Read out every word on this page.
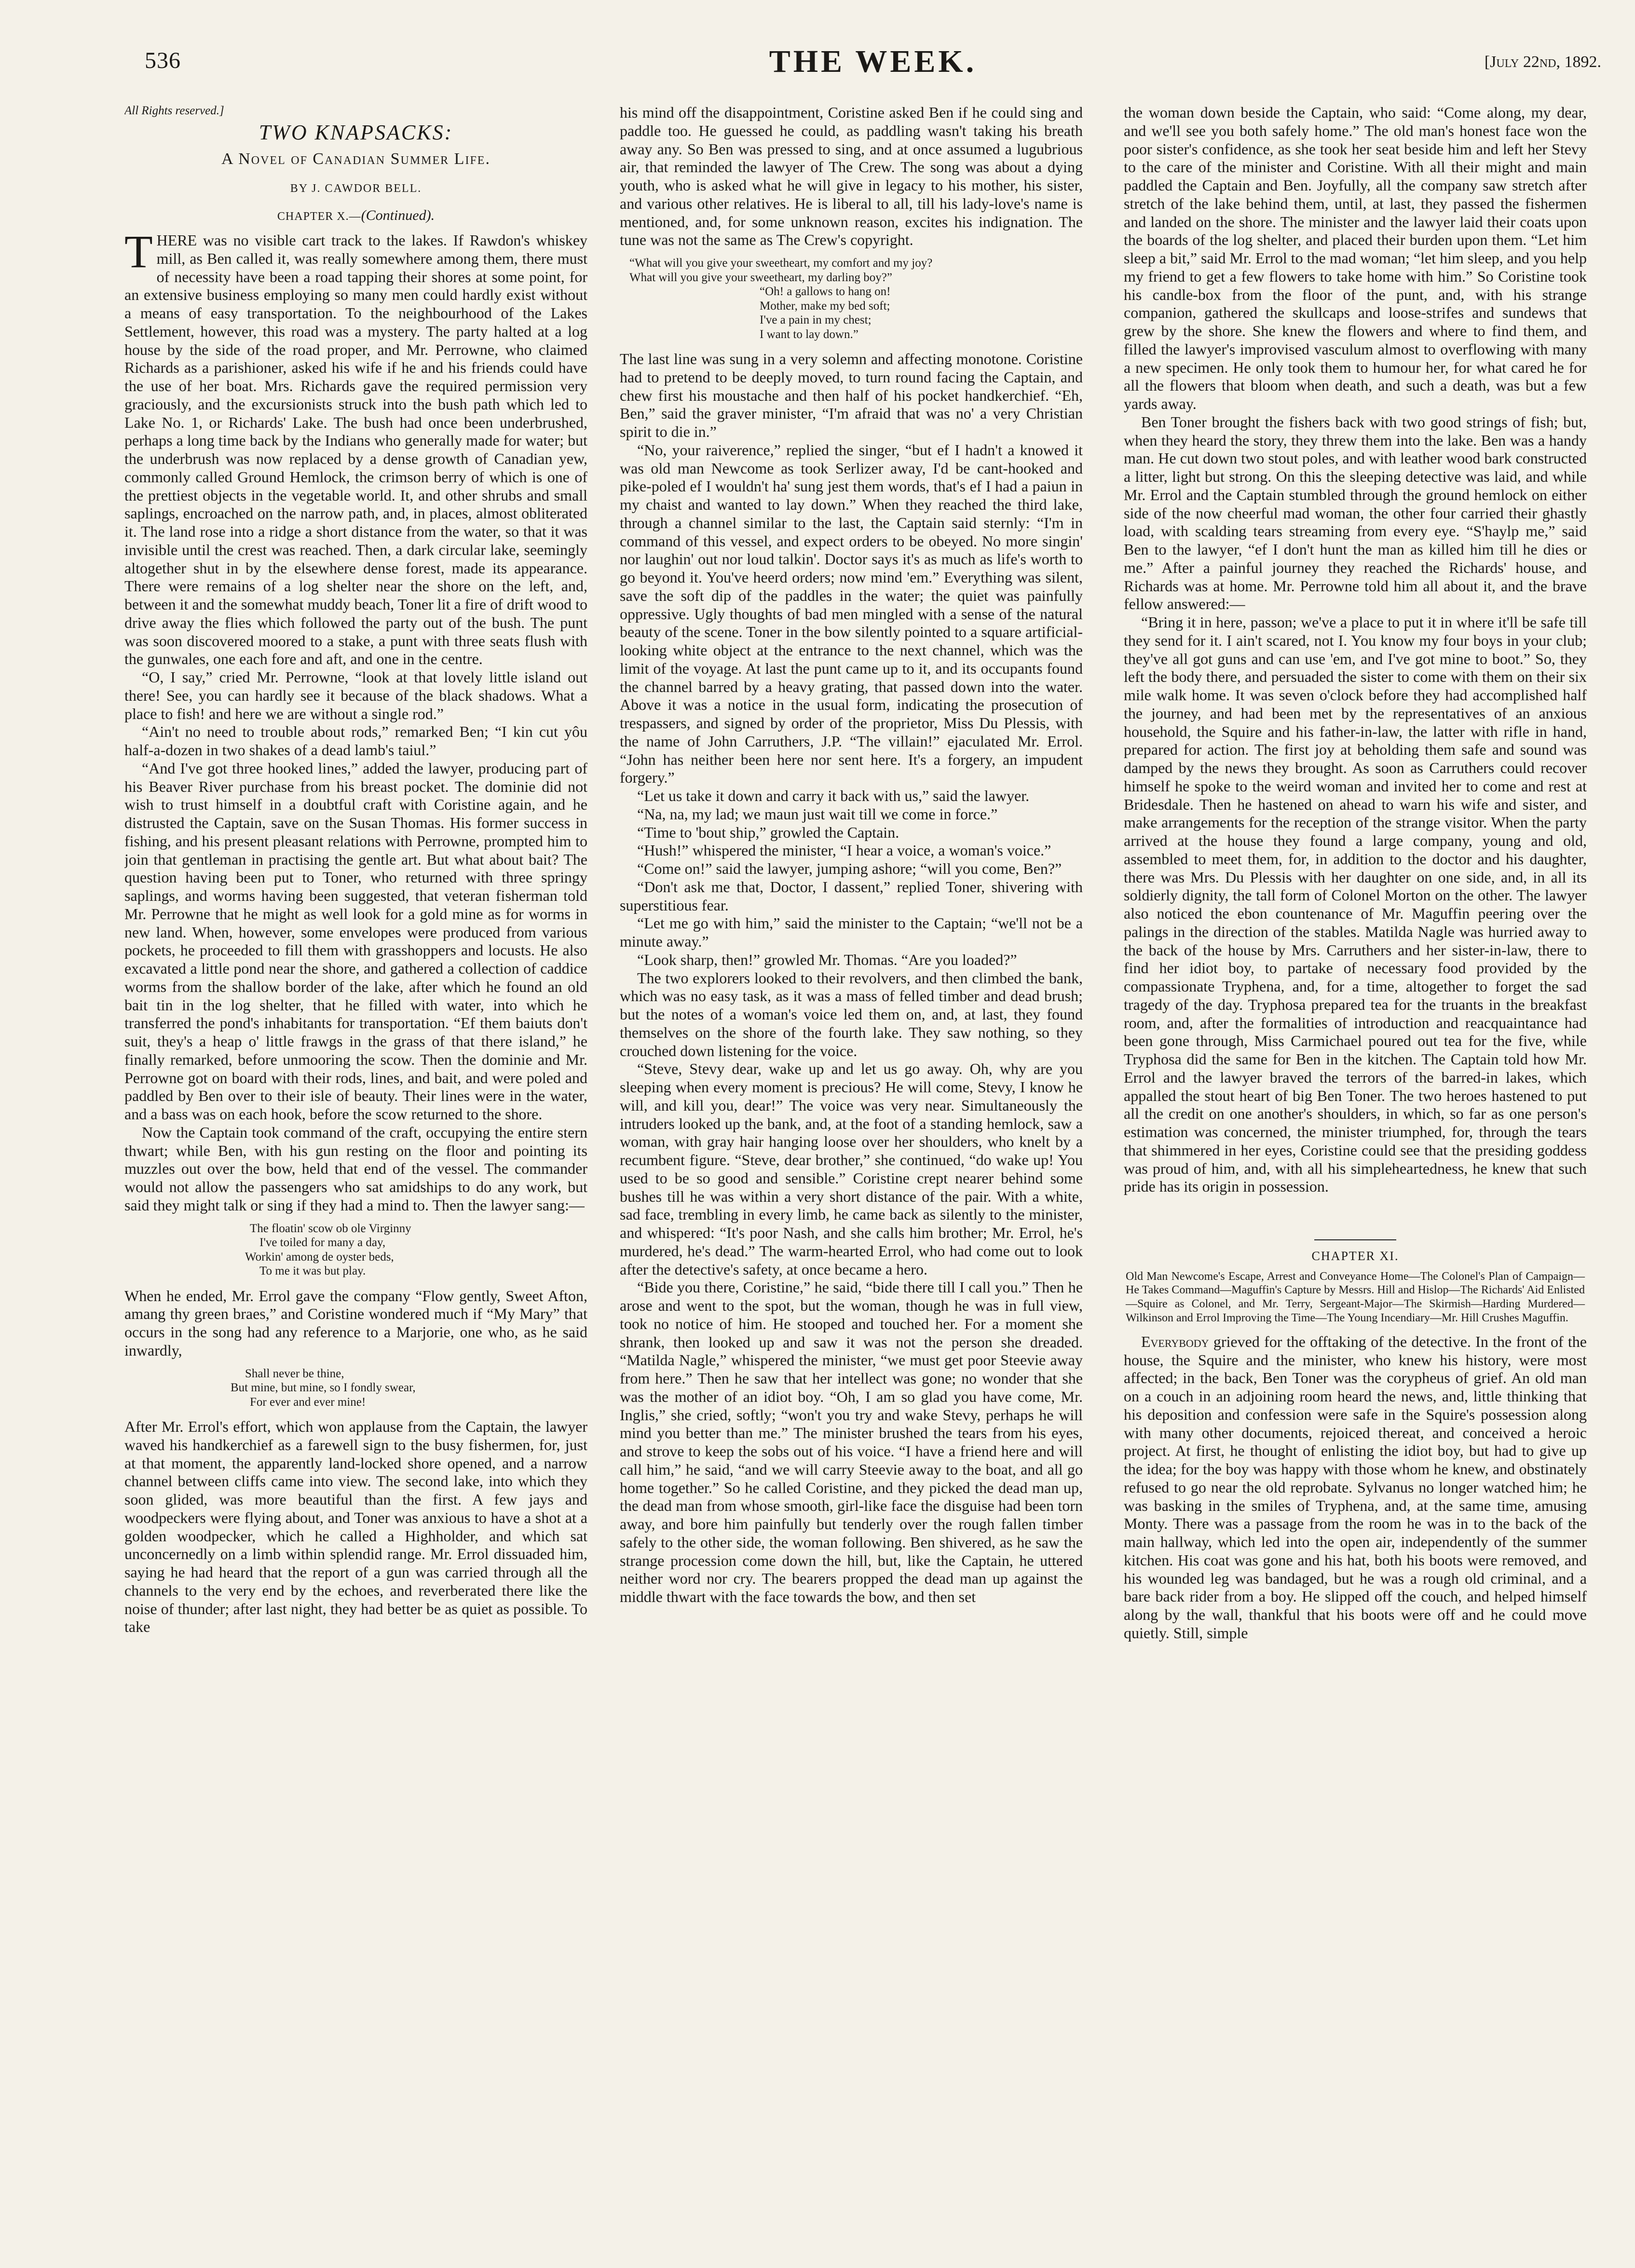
536	THE WEEK.	[July 22nd, 1892.

All Rights reserved.]

TWO KNAPSACKS:
A Novel of Canadian Summer Life.
BY J. CAWDOR BELL.
CHAPTER X.—(Continued).

THERE was no visible cart track to the lakes. If Rawdon's whiskey mill, as Ben called it, was really somewhere among them, there must of necessity have been a road tapping their shores at some point, for an extensive business employing so many men could hardly exist without a means of easy transportation. To the neighbourhood of the Lakes Settlement, however, this road was a mystery. The party halted at a log house by the side of the road proper, and Mr. Perrowne, who claimed Richards as a parishioner, asked his wife if he and his friends could have the use of her boat. Mrs. Richards gave the required permission very graciously, and the excursionists struck into the bush path which led to Lake No. 1, or Richards' Lake. The bush had once been underbrushed, perhaps a long time back by the Indians who generally made for water; but the underbrush was now replaced by a dense growth of Canadian yew, commonly called Ground Hemlock, the crimson berry of which is one of the prettiest objects in the vegetable world. It, and other shrubs and small saplings, encroached on the narrow path, and, in places, almost obliterated it. The land rose into a ridge a short distance from the water, so that it was invisible until the crest was reached. Then, a dark circular lake, seemingly altogether shut in by the elsewhere dense forest, made its appearance. There were remains of a log shelter near the shore on the left, and, between it and the somewhat muddy beach, Toner lit a fire of drift wood to drive away the flies which followed the party out of the bush. The punt was soon discovered moored to a stake, a punt with three seats flush with the gunwales, one each fore and aft, and one in the centre.

“O, I say,” cried Mr. Perrowne, “look at that lovely little island out there! See, you can hardly see it because of the black shadows. What a place to fish! and here we are without a single rod.”

“Ain't no need to trouble about rods,” remarked Ben; “I kin cut yôu half-a-dozen in two shakes of a dead lamb's taiul.”

“And I've got three hooked lines,” added the lawyer, producing part of his Beaver River purchase from his breast pocket. The dominie did not wish to trust himself in a doubtful craft with Coristine again, and he distrusted the Captain, save on the Susan Thomas. His former success in fishing, and his present pleasant relations with Perrowne, prompted him to join that gentleman in practising the gentle art. But what about bait? The question having been put to Toner, who returned with three springy saplings, and worms having been suggested, that veteran fisherman told Mr. Perrowne that he might as well look for a gold mine as for worms in new land. When, however, some envelopes were produced from various pockets, he proceeded to fill them with grasshoppers and locusts. He also excavated a little pond near the shore, and gathered a collection of caddice worms from the shallow border of the lake, after which he found an old bait tin in the log shelter, that he filled with water, into which he transferred the pond's inhabitants for transportation. “Ef them baiuts don't suit, they's a heap o' little frawgs in the grass of that there island,” he finally remarked, before unmooring the scow. Then the dominie and Mr. Perrowne got on board with their rods, lines, and bait, and were poled and paddled by Ben over to their isle of beauty. Their lines were in the water, and a bass was on each hook, before the scow returned to the shore.

Now the Captain took command of the craft, occupying the entire stern thwart; while Ben, with his gun resting on the floor and pointing its muzzles out over the bow, held that end of the vessel. The commander would not allow the passengers who sat amidships to do any work, but said they might talk or sing if they had a mind to. Then the lawyer sang:—

The floatin' scow ob ole Virginny
I've toiled for many a day,
Workin' among de oyster beds,
To me it was but play.

When he ended, Mr. Errol gave the company “Flow gently, Sweet Afton, amang thy green braes,” and Coristine wondered much if “My Mary” that occurs in the song had any reference to a Marjorie, one who, as he said inwardly,

Shall never be thine,
But mine, but mine, so I fondly swear,
For ever and ever mine!

After Mr. Errol's effort, which won applause from the Captain, the lawyer waved his handkerchief as a farewell sign to the busy fishermen, for, just at that moment, the apparently land-locked shore opened, and a narrow channel between cliffs came into view. The second lake, into which they soon glided, was more beautiful than the first. A few jays and woodpeckers were flying about, and Toner was anxious to have a shot at a golden woodpecker, which he called a Highholder, and which sat unconcernedly on a limb within splendid range. Mr. Errol dissuaded him, saying he had heard that the report of a gun was carried through all the channels to the very end by the echoes, and reverberated there like the noise of thunder; after last night, they had better be as quiet as possible. To take

his mind off the disappointment, Coristine asked Ben if he could sing and paddle too. He guessed he could, as paddling wasn't taking his breath away any. So Ben was pressed to sing, and at once assumed a lugubrious air, that reminded the lawyer of The Crew. The song was about a dying youth, who is asked what he will give in legacy to his mother, his sister, and various other relatives. He is liberal to all, till his lady-love's name is mentioned, and, for some unknown reason, excites his indignation. The tune was not the same as The Crew's copyright.

“What will you give your sweetheart, my comfort and my joy?
What will you give your sweetheart, my darling boy?”
“Oh! a gallows to hang on!
Mother, make my bed soft;
I've a pain in my chest;
I want to lay down.”

The last line was sung in a very solemn and affecting monotone. Coristine had to pretend to be deeply moved, to turn round facing the Captain, and chew first his moustache and then half of his pocket handkerchief. “Eh, Ben,” said the graver minister, “I'm afraid that was no' a very Christian spirit to die in.”

“No, your raiverence,” replied the singer, “but ef I hadn't a knowed it was old man Newcome as took Serlizer away, I'd be cant-hooked and pike-poled ef I wouldn't ha' sung jest them words, that's ef I had a paiun in my chaist and wanted to lay down.” When they reached the third lake, through a channel similar to the last, the Captain said sternly: “I'm in command of this vessel, and expect orders to be obeyed. No more singin' nor laughin' out nor loud talkin'. Doctor says it's as much as life's worth to go beyond it. You've heerd orders; now mind 'em.” Everything was silent, save the soft dip of the paddles in the water; the quiet was painfully oppressive. Ugly thoughts of bad men mingled with a sense of the natural beauty of the scene. Toner in the bow silently pointed to a square artificial-looking white object at the entrance to the next channel, which was the limit of the voyage. At last the punt came up to it, and its occupants found the channel barred by a heavy grating, that passed down into the water. Above it was a notice in the usual form, indicating the prosecution of trespassers, and signed by order of the proprietor, Miss Du Plessis, with the name of John Carruthers, J.P. “The villain!” ejaculated Mr. Errol. “John has neither been here nor sent here. It's a forgery, an impudent forgery.”

“Let us take it down and carry it back with us,” said the lawyer.

“Na, na, my lad; we maun just wait till we come in force.”

“Time to 'bout ship,” growled the Captain.

“Hush!” whispered the minister, “I hear a voice, a woman's voice.”

“Come on!” said the lawyer, jumping ashore; “will you come, Ben?”

“Don't ask me that, Doctor, I dassent,” replied Toner, shivering with superstitious fear.

“Let me go with him,” said the minister to the Captain; “we'll not be a minute away.”

“Look sharp, then!” growled Mr. Thomas. “Are you loaded?”

The two explorers looked to their revolvers, and then climbed the bank, which was no easy task, as it was a mass of felled timber and dead brush; but the notes of a woman's voice led them on, and, at last, they found themselves on the shore of the fourth lake. They saw nothing, so they crouched down listening for the voice.

“Steve, Stevy dear, wake up and let us go away. Oh, why are you sleeping when every moment is precious? He will come, Stevy, I know he will, and kill you, dear!” The voice was very near. Simultaneously the intruders looked up the bank, and, at the foot of a standing hemlock, saw a woman, with gray hair hanging loose over her shoulders, who knelt by a recumbent figure. “Steve, dear brother,” she continued, “do wake up! You used to be so good and sensible.” Coristine crept nearer behind some bushes till he was within a very short distance of the pair. With a white, sad face, trembling in every limb, he came back as silently to the minister, and whispered: “It's poor Nash, and she calls him brother; Mr. Errol, he's murdered, he's dead.” The warm-hearted Errol, who had come out to look after the detective's safety, at once became a hero.

“Bide you there, Coristine,” he said, “bide there till I call you.” Then he arose and went to the spot, but the woman, though he was in full view, took no notice of him. He stooped and touched her. For a moment she shrank, then looked up and saw it was not the person she dreaded. “Matilda Nagle,” whispered the minister, “we must get poor Steevie away from here.” Then he saw that her intellect was gone; no wonder that she was the mother of an idiot boy. “Oh, I am so glad you have come, Mr. Inglis,” she cried, softly; “won't you try and wake Stevy, perhaps he will mind you better than me.” The minister brushed the tears from his eyes, and strove to keep the sobs out of his voice. “I have a friend here and will call him,” he said, “and we will carry Steevie away to the boat, and all go home together.” So he called Coristine, and they picked the dead man up, the dead man from whose smooth, girl-like face the disguise had been torn away, and bore him painfully but tenderly over the rough fallen timber safely to the other side, the woman following. Ben shivered, as he saw the strange procession come down the hill, but, like the Captain, he uttered neither word nor cry. The bearers propped the dead man up against the middle thwart with the face towards the bow, and then set

the woman down beside the Captain, who said: “Come along, my dear, and we'll see you both safely home.” The old man's honest face won the poor sister's confidence, as she took her seat beside him and left her Stevy to the care of the minister and Coristine. With all their might and main paddled the Captain and Ben. Joyfully, all the company saw stretch after stretch of the lake behind them, until, at last, they passed the fishermen and landed on the shore. The minister and the lawyer laid their coats upon the boards of the log shelter, and placed their burden upon them. “Let him sleep a bit,” said Mr. Errol to the mad woman; “let him sleep, and you help my friend to get a few flowers to take home with him.” So Coristine took his candle-box from the floor of the punt, and, with his strange companion, gathered the skullcaps and loose-strifes and sundews that grew by the shore. She knew the flowers and where to find them, and filled the lawyer's improvised vasculum almost to overflowing with many a new specimen. He only took them to humour her, for what cared he for all the flowers that bloom when death, and such a death, was but a few yards away.

Ben Toner brought the fishers back with two good strings of fish; but, when they heard the story, they threw them into the lake. Ben was a handy man. He cut down two stout poles, and with leather wood bark constructed a litter, light but strong. On this the sleeping detective was laid, and while Mr. Errol and the Captain stumbled through the ground hemlock on either side of the now cheerful mad woman, the other four carried their ghastly load, with scalding tears streaming from every eye. “S'haylp me,” said Ben to the lawyer, “ef I don't hunt the man as killed him till he dies or me.” After a painful journey they reached the Richards' house, and Richards was at home. Mr. Perrowne told him all about it, and the brave fellow answered:—

“Bring it in here, passon; we've a place to put it in where it'll be safe till they send for it. I ain't scared, not I. You know my four boys in your club; they've all got guns and can use 'em, and I've got mine to boot.” So, they left the body there, and persuaded the sister to come with them on their six mile walk home. It was seven o'clock before they had accomplished half the journey, and had been met by the representatives of an anxious household, the Squire and his father-in-law, the latter with rifle in hand, prepared for action. The first joy at beholding them safe and sound was damped by the news they brought. As soon as Carruthers could recover himself he spoke to the weird woman and invited her to come and rest at Bridesdale. Then he hastened on ahead to warn his wife and sister, and make arrangements for the reception of the strange visitor. When the party arrived at the house they found a large company, young and old, assembled to meet them, for, in addition to the doctor and his daughter, there was Mrs. Du Plessis with her daughter on one side, and, in all its soldierly dignity, the tall form of Colonel Morton on the other. The lawyer also noticed the ebon countenance of Mr. Maguffin peering over the palings in the direction of the stables. Matilda Nagle was hurried away to the back of the house by Mrs. Carruthers and her sister-in-law, there to find her idiot boy, to partake of necessary food provided by the compassionate Tryphena, and, for a time, altogether to forget the sad tragedy of the day. Tryphosa prepared tea for the truants in the breakfast room, and, after the formalities of introduction and reacquaintance had been gone through, Miss Carmichael poured out tea for the five, while Tryphosa did the same for Ben in the kitchen. The Captain told how Mr. Errol and the lawyer braved the terrors of the barred-in lakes, which appalled the stout heart of big Ben Toner. The two heroes hastened to put all the credit on one another's shoulders, in which, so far as one person's estimation was concerned, the minister triumphed, for, through the tears that shimmered in her eyes, Coristine could see that the presiding goddess was proud of him, and, with all his simpleheartedness, he knew that such pride has its origin in possession.

CHAPTER XI.
Old Man Newcome's Escape, Arrest and Conveyance Home—The Colonel's Plan of Campaign—He Takes Command—Maguffin's Capture by Messrs. Hill and Hislop—The Richards' Aid Enlisted—Squire as Colonel, and Mr. Terry, Sergeant-Major—The Skirmish—Harding Murdered—Wilkinson and Errol Improving the Time—The Young Incendiary—Mr. Hill Crushes Maguffin.

Everybody grieved for the offtaking of the detective. In the front of the house, the Squire and the minister, who knew his history, were most affected; in the back, Ben Toner was the corypheus of grief. An old man on a couch in an adjoining room heard the news, and, little thinking that his deposition and confession were safe in the Squire's possession along with many other documents, rejoiced thereat, and conceived a heroic project. At first, he thought of enlisting the idiot boy, but had to give up the idea; for the boy was happy with those whom he knew, and obstinately refused to go near the old reprobate. Sylvanus no longer watched him; he was basking in the smiles of Tryphena, and, at the same time, amusing Monty. There was a passage from the room he was in to the back of the main hallway, which led into the open air, independently of the summer kitchen. His coat was gone and his hat, both his boots were removed, and his wounded leg was bandaged, but he was a rough old criminal, and a bare back rider from a boy. He slipped off the couch, and helped himself along by the wall, thankful that his boots were off and he could move quietly. Still, simple
